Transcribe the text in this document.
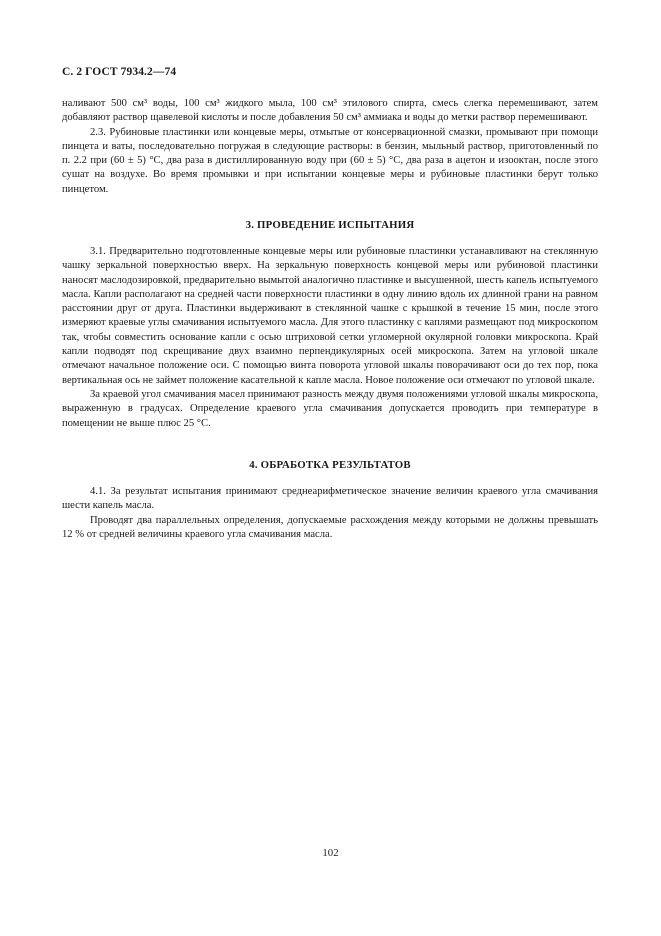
С. 2 ГОСТ 7934.2—74

наливают 500 см³ воды, 100 см³ жидкого мыла, 100 см³ этилового спирта, смесь слегка перемешивают, затем добавляют раствор щавелевой кислоты и после добавления 50 см³ аммиака и воды до метки раствор перемешивают.

2.3. Рубиновые пластинки или концевые меры, отмытые от консервационной смазки, промывают при помощи пинцета и ваты, последовательно погружая в следующие растворы: в бензин, мыльный раствор, приготовленный по п. 2.2 при (60 ± 5) °С, два раза в дистиллированную воду при (60 ± 5) °С, два раза в ацетон и изооктан, после этого сушат на воздухе. Во время промывки и при испытании концевые меры и рубиновые пластинки берут только пинцетом.

3. ПРОВЕДЕНИЕ ИСПЫТАНИЯ

3.1. Предварительно подготовленные концевые меры или рубиновые пластинки устанавливают на стеклянную чашку зеркальной поверхностью вверх. На зеркальную поверхность концевой меры или рубиновой пластинки наносят маслодозировкой, предварительно вымытой аналогично пластинке и высушенной, шесть капель испытуемого масла. Капли располагают на средней части поверхности пластинки в одну линию вдоль их длинной грани на равном расстоянии друг от друга. Пластинки выдерживают в стеклянной чашке с крышкой в течение 15 мин, после этого измеряют краевые углы смачивания испытуемого масла. Для этого пластинку с каплями размещают под микроскопом так, чтобы совместить основание капли с осью штриховой сетки угломерной окулярной головки микроскопа. Край капли подводят под скрещивание двух взаимно перпендикулярных осей микроскопа. Затем на угловой шкале отмечают начальное положение оси. С помощью винта поворота угловой шкалы поворачивают оси до тех пор, пока вертикальная ось не займет положение касательной к капле масла. Новое положение оси отмечают по угловой шкале.

За краевой угол смачивания масел принимают разность между двумя положениями угловой шкалы микроскопа, выраженную в градусах. Определение краевого угла смачивания допускается проводить при температуре в помещении не выше плюс 25 °С.

4. ОБРАБОТКА РЕЗУЛЬТАТОВ

4.1. За результат испытания принимают среднеарифметическое значение величин краевого угла смачивания шести капель масла.

Проводят два параллельных определения, допускаемые расхождения между которыми не должны превышать 12 % от средней величины краевого угла смачивания масла.

102
